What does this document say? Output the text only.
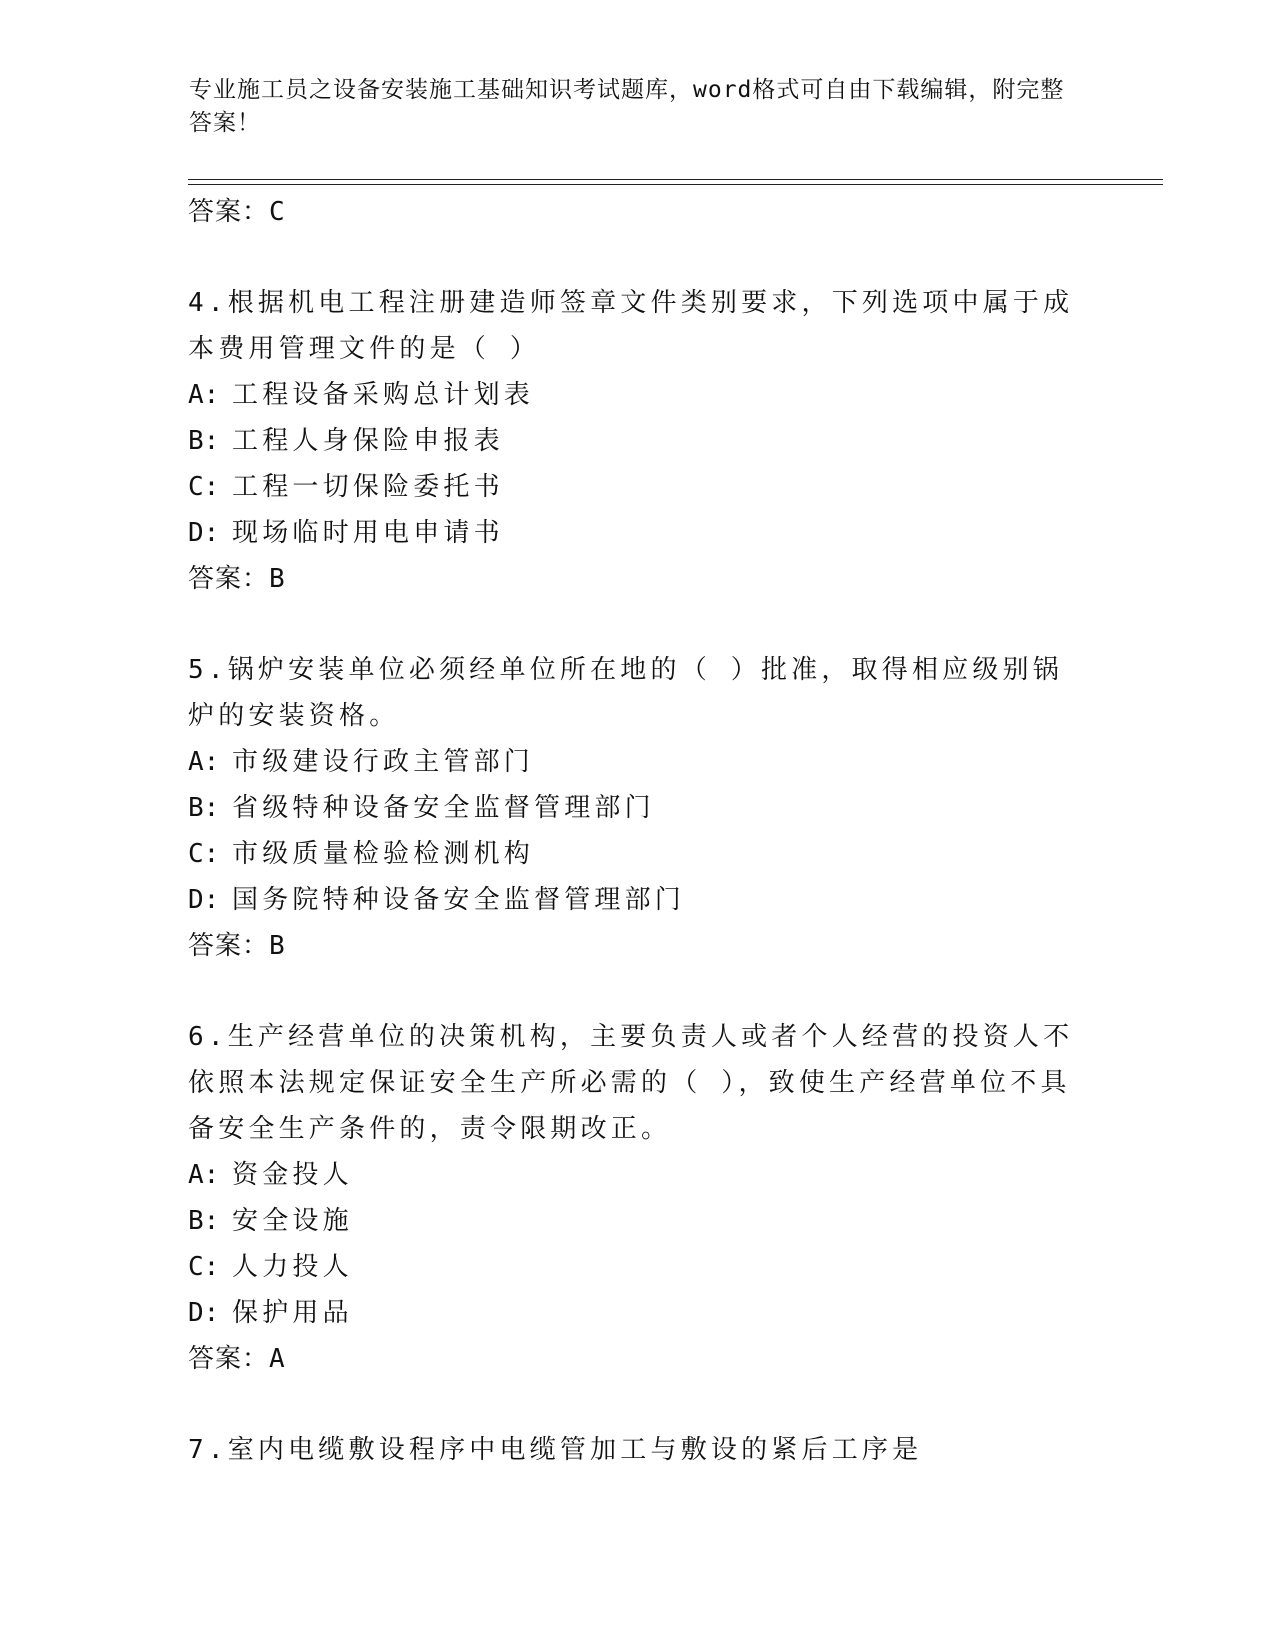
专业施工员之设备安装施工基础知识考试题库，word格式可自由下载编辑，附完整答案！
答案：C
4.根据机电工程注册建造师签章文件类别要求，下列选项中属于成本费用管理文件的是（ ）
A: 工程设备采购总计划表
B: 工程人身保险申报表
C: 工程一切保险委托书
D: 现场临时用电申请书
答案：B
5.锅炉安装单位必须经单位所在地的（ ）批准，取得相应级别锅炉的安装资格。
A: 市级建设行政主管部门
B: 省级特种设备安全监督管理部门
C: 市级质量检验检测机构
D: 国务院特种设备安全监督管理部门
答案：B
6.生产经营单位的决策机构，主要负责人或者个人经营的投资人不依照本法规定保证安全生产所必需的（ ），致使生产经营单位不具备安全生产条件的，责令限期改正。
A: 资金投人
B: 安全设施
C: 人力投人
D: 保护用品
答案：A
7.室内电缆敷设程序中电缆管加工与敷设的紧后工序是
